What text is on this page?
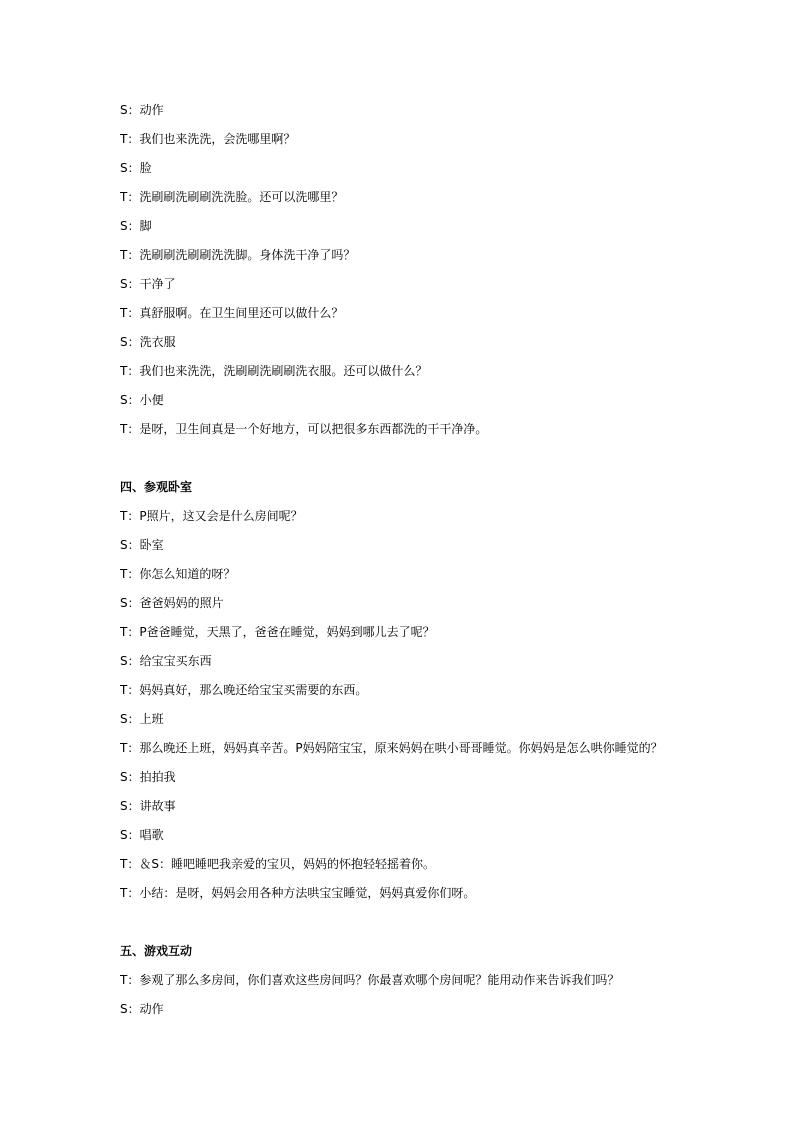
S：动作
T：我们也来洗洗，会洗哪里啊？
S：脸
T：洗刷刷洗刷刷洗洗脸。还可以洗哪里？
S：脚
T：洗刷刷洗刷刷洗洗脚。身体洗干净了吗？
S：干净了
T：真舒服啊。在卫生间里还可以做什么？
S：洗衣服
T：我们也来洗洗，洗刷刷洗刷刷洗衣服。还可以做什么？
S：小便
T：是呀，卫生间真是一个好地方，可以把很多东西都洗的干干净净。
四、参观卧室
T：P照片，这又会是什么房间呢？
S：卧室
T：你怎么知道的呀？
S：爸爸妈妈的照片
T：P爸爸睡觉，天黑了，爸爸在睡觉，妈妈到哪儿去了呢？
S：给宝宝买东西
T：妈妈真好，那么晚还给宝宝买需要的东西。
S：上班
T：那么晚还上班，妈妈真辛苦。P妈妈陪宝宝，原来妈妈在哄小哥哥睡觉。你妈妈是怎么哄你睡觉的？
S：拍拍我
S：讲故事
S：唱歌
T：＆S：睡吧睡吧我亲爱的宝贝，妈妈的怀抱轻轻摇着你。
T：小结：是呀，妈妈会用各种方法哄宝宝睡觉，妈妈真爱你们呀。
五、游戏互动
T：参观了那么多房间，你们喜欢这些房间吗？你最喜欢哪个房间呢？能用动作来告诉我们吗？
S：动作
